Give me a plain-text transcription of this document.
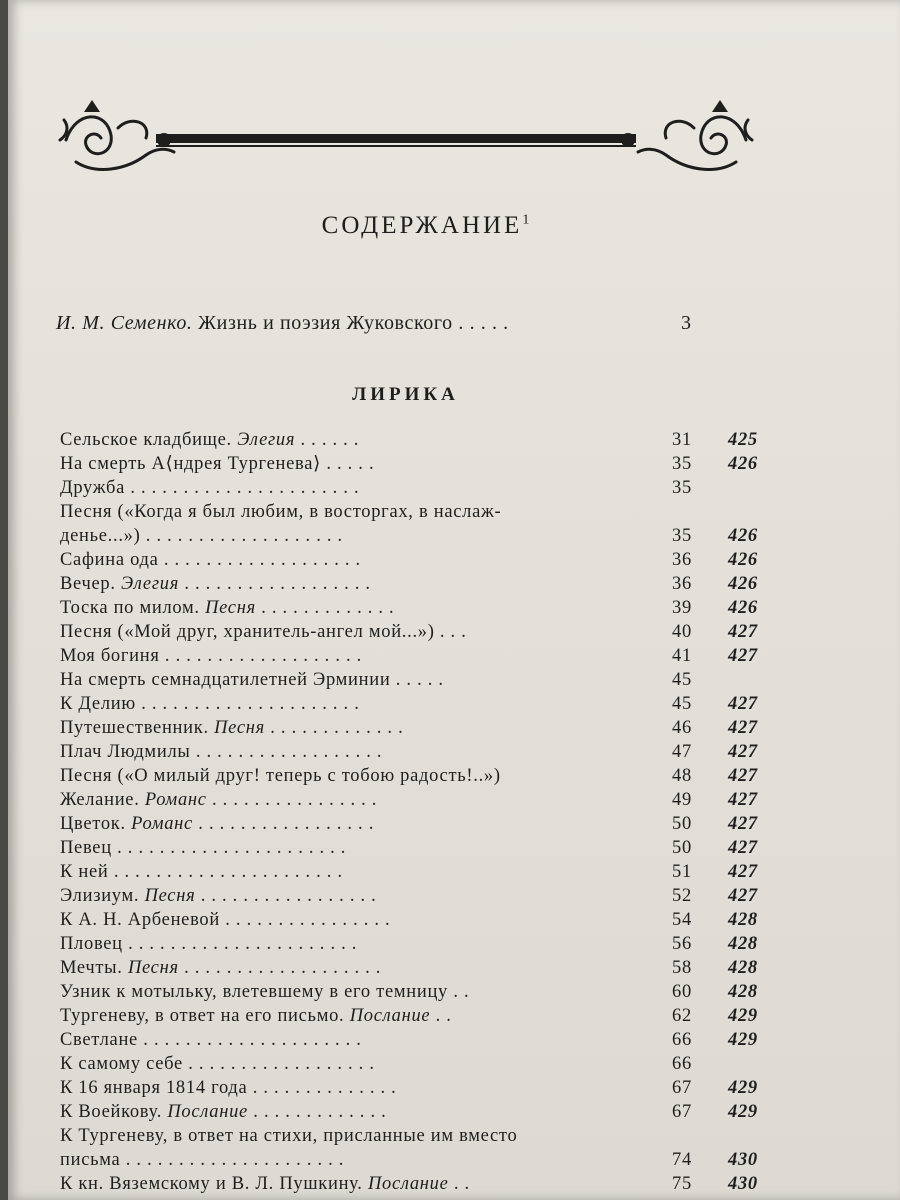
СОДЕРЖАНИЕ$^1$
И. М. Семенко. Жизнь и поэзия Жуковского . . . . .	3
ЛИРИКА
Сельское кладбище. Элегия . . . . . .	31 425
На смерть А⟨ндрея Тургенева⟩ . . . . .	35 426
Дружба . . . . . . . . . . . . . . . . . . . . . .	35
Песня («Когда я был любим, в восторгах, в наслаж-
денье...») . . . . . . . . . . . . . . . . . . .	35 426
Сафина ода . . . . . . . . . . . . . . . . . . .	36 426
Вечер. Элегия . . . . . . . . . . . . . . . . . .	36 426
Тоска по милом. Песня . . . . . . . . . . . . .	39 426
Песня («Мой друг, хранитель-ангел мой...») . . .	40 427
Моя богиня . . . . . . . . . . . . . . . . . . .	41 427
На смерть семнадцатилетней Эрминии . . . . .	45
К Делию . . . . . . . . . . . . . . . . . . . . .	45 427
Путешественник. Песня . . . . . . . . . . . . .	46 427
Плач Людмилы . . . . . . . . . . . . . . . . . .	47 427
Песня («О милый друг! теперь с тобою радость!..»)	48 427
Желание. Романс . . . . . . . . . . . . . . . .	49 427
Цветок. Романс . . . . . . . . . . . . . . . . .	50 427
Певец . . . . . . . . . . . . . . . . . . . . . .	50 427
К ней . . . . . . . . . . . . . . . . . . . . . .	51 427
Элизиум. Песня . . . . . . . . . . . . . . . . .	52 427
К А. Н. Арбеневой . . . . . . . . . . . . . . . .	54 428
Пловец . . . . . . . . . . . . . . . . . . . . . .	56 428
Мечты. Песня . . . . . . . . . . . . . . . . . . .	58 428
Узник к мотыльку, влетевшему в его темницу . .	60 428
Тургеневу, в ответ на его письмо. Послание . .	62 429
Светлане . . . . . . . . . . . . . . . . . . . . .	66 429
К самому себе . . . . . . . . . . . . . . . . . .	66
К 16 января 1814 года . . . . . . . . . . . . . .	67 429
К Воейкову. Послание . . . . . . . . . . . . .	67 429
К Тургеневу, в ответ на стихи, присланные им вместо
письма . . . . . . . . . . . . . . . . . . . . .	74 430
К кн. Вяземскому и В. Л. Пушкину. Послание . .	75 430
